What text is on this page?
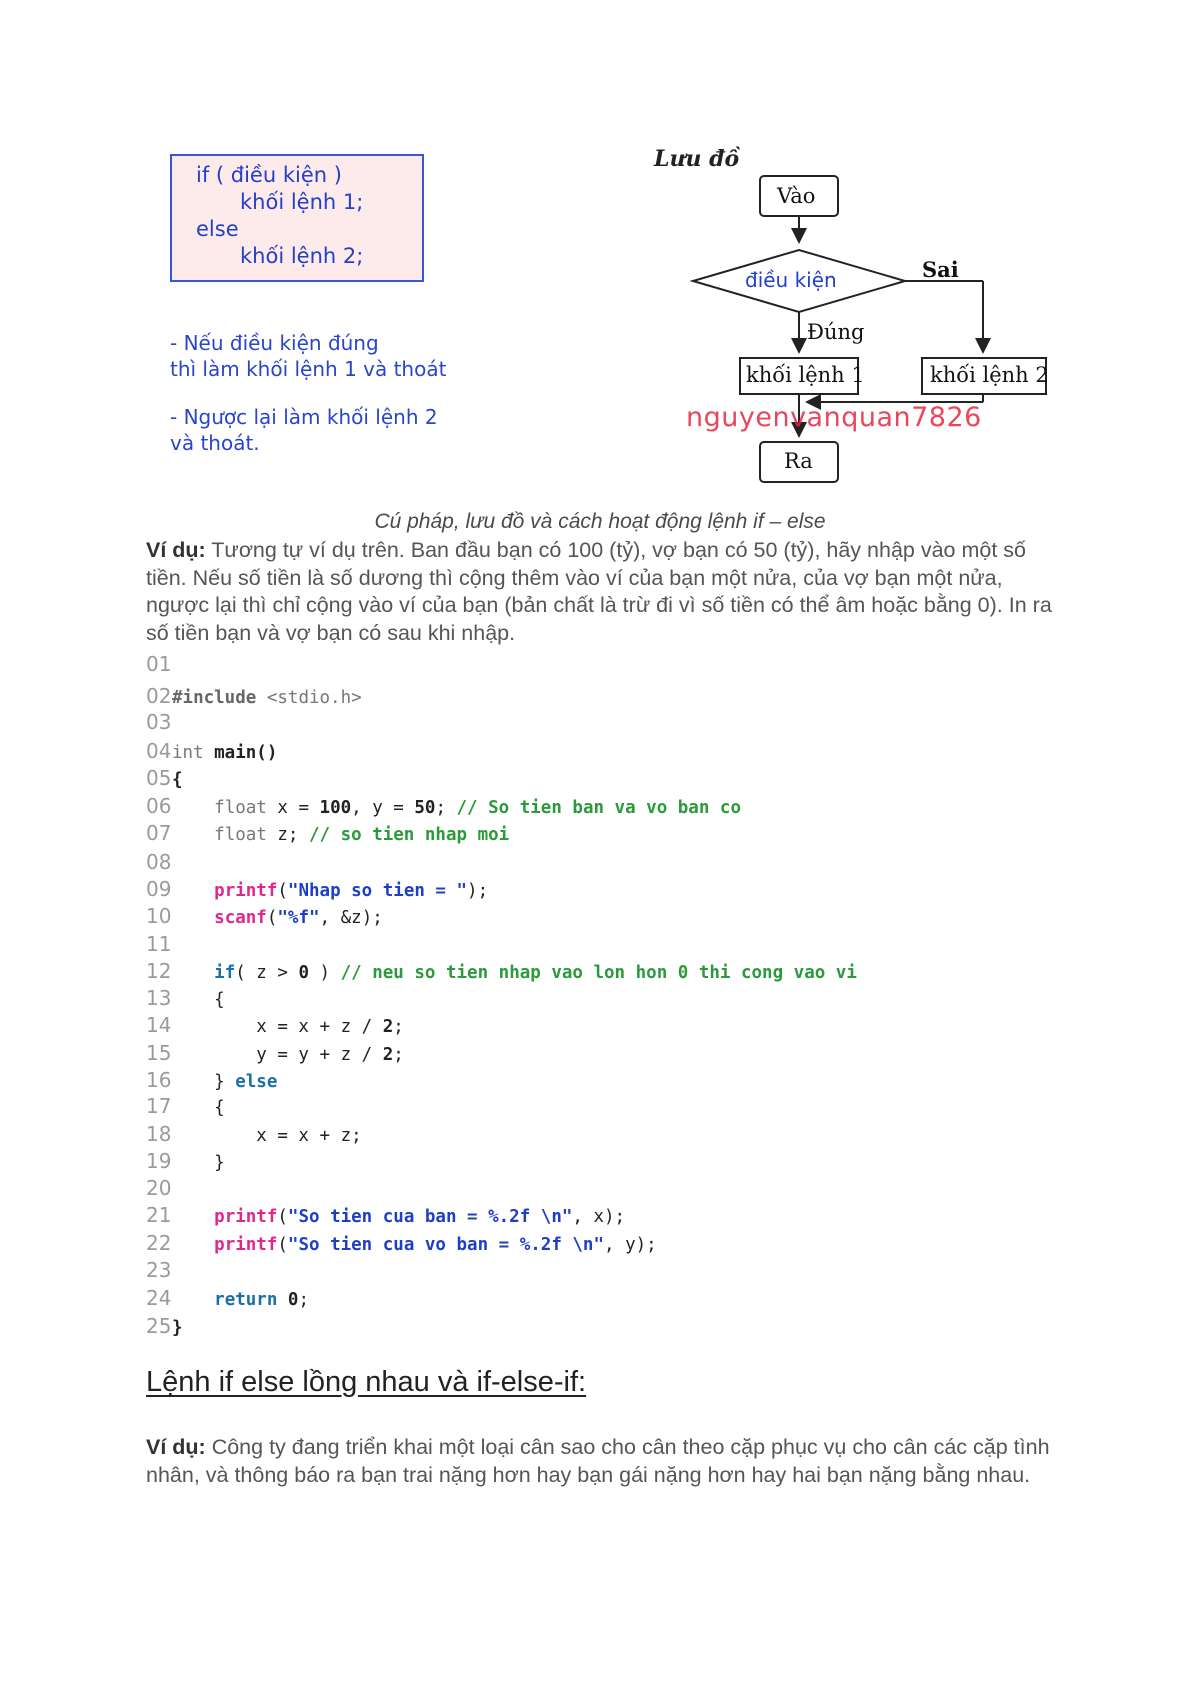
if ( điều kiện )
khối lệnh 1;
else
khối lệnh 2;
- Nếu điều kiện đúng
thì làm khối lệnh 1 và thoát
- Ngược lại làm khối lệnh 2
và thoát.
Lưu đồ
Vào
điều kiện	Sai
Đúng
khối lệnh 1	khối lệnh 2
nguyenvanquan7826
Ra
Cú pháp, lưu đồ và cách hoạt động lệnh if – else
Ví dụ: Tương tự ví dụ trên. Ban đầu bạn có 100 (tỷ), vợ bạn có 50 (tỷ), hãy nhập vào một số tiền. Nếu số tiền là số dương thì cộng thêm vào ví của bạn một nửa, của vợ bạn một nửa, ngược lại thì chỉ cộng vào ví của bạn (bản chất là trừ đi vì số tiền có thể âm hoặc bằng 0). In ra số tiền bạn và vợ bạn có sau khi nhập.
01
02#include <stdio.h>
03
04int main()
05{
06 float x = 100, y = 50; // So tien ban va vo ban co
07 float z; // so tien nhap moi
08
09 printf("Nhap so tien = ");
10 scanf("%f", &z);
11
12 if( z > 0 ) // neu so tien nhap vao lon hon 0 thi cong vao vi
13    {
14        x = x + z / 2;
15        y = y + z / 2;
16    } else
17    {
18        x = x + z;
19    }
20
21 printf("So tien cua ban = %.2f \n", x);
22 printf("So tien cua vo ban = %.2f \n", y);
23
24 return 0;
25}
Lệnh if else lồng nhau và if-else-if:
Ví dụ: Công ty đang triển khai một loại cân sao cho cân theo cặp phục vụ cho cân các cặp tình nhân, và thông báo ra bạn trai nặng hơn hay bạn gái nặng hơn hay hai bạn nặng bằng nhau.
